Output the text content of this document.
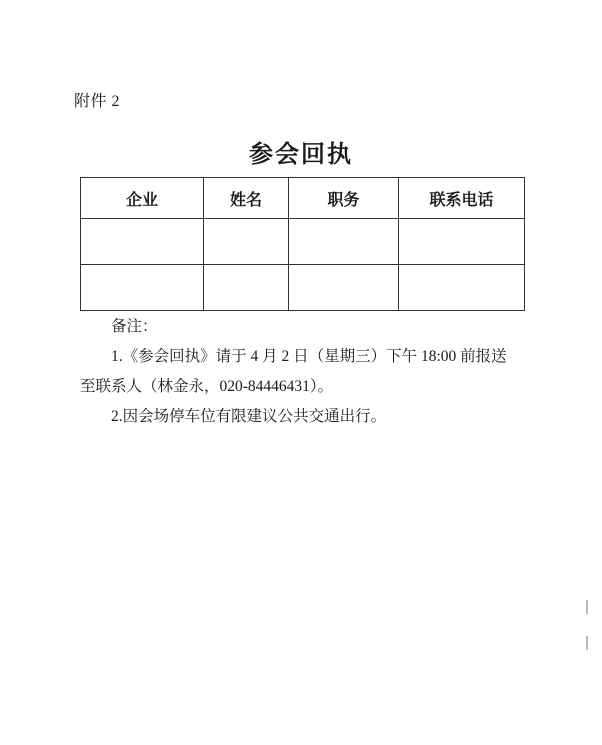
附件 2
参会回执
企业	姓名	职务	联系电话

备注：
1.《参会回执》请于 4 月 2 日（星期三）下午 18:00 前报送
至联系人（林金永，020-84446431）。
2.因会场停车位有限建议公共交通出行。
